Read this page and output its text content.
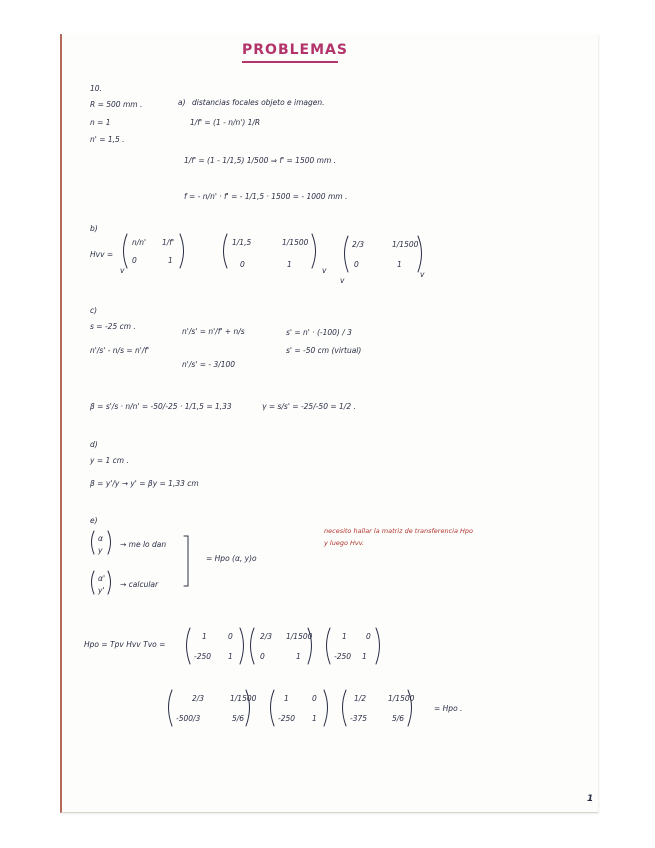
PROBLEMAS
10.
R = 500 mm .
n = 1
n' = 1,5 .
a) distancias focales objeto e imagen.
1/f' = (1 - n/n') 1/R
1/f' = (1 - 1/1,5) 1/500 ⇒ f' = 1500 mm .
f = - n/n' · f' = - 1/1,5 · 1500 = - 1000 mm .
b)
Hvv =
n/n' 1/f'
0	1
v
1/1,5	1/1500
0	1
v
2/3	1/1500
0	1
v
v
c)
s = -25 cm .
n'/s' = n'/f' + n/s
n'/s' - n/s = n'/f'
n'/s' = - 3/100
s' = n' · (-100) / 3
s' = -50 cm (virtual)
β = s'/s · n/n' = -50/-25 · 1/1,5 = 1,33	γ = s/s' = -25/-50 = 1/2 .
d)
y = 1 cm .
β = y'/y → y' = βy = 1,33 cm
e)
α
y
→ me lo dan
α'
y'
→ calcular
= Hpo (α, y)o
necesito hallar la matriz de transferencia Hpo
y luego Hvv.
Hpo = Tpv Hvv Tvo =
1	0
-250 1
2/3 1/1500
0	1
1	0
-250 1
2/3	1/1500
-500/3	5/6
1	0
-250 1
1/2	1/1500
-375	5/6
= Hpo .
1
